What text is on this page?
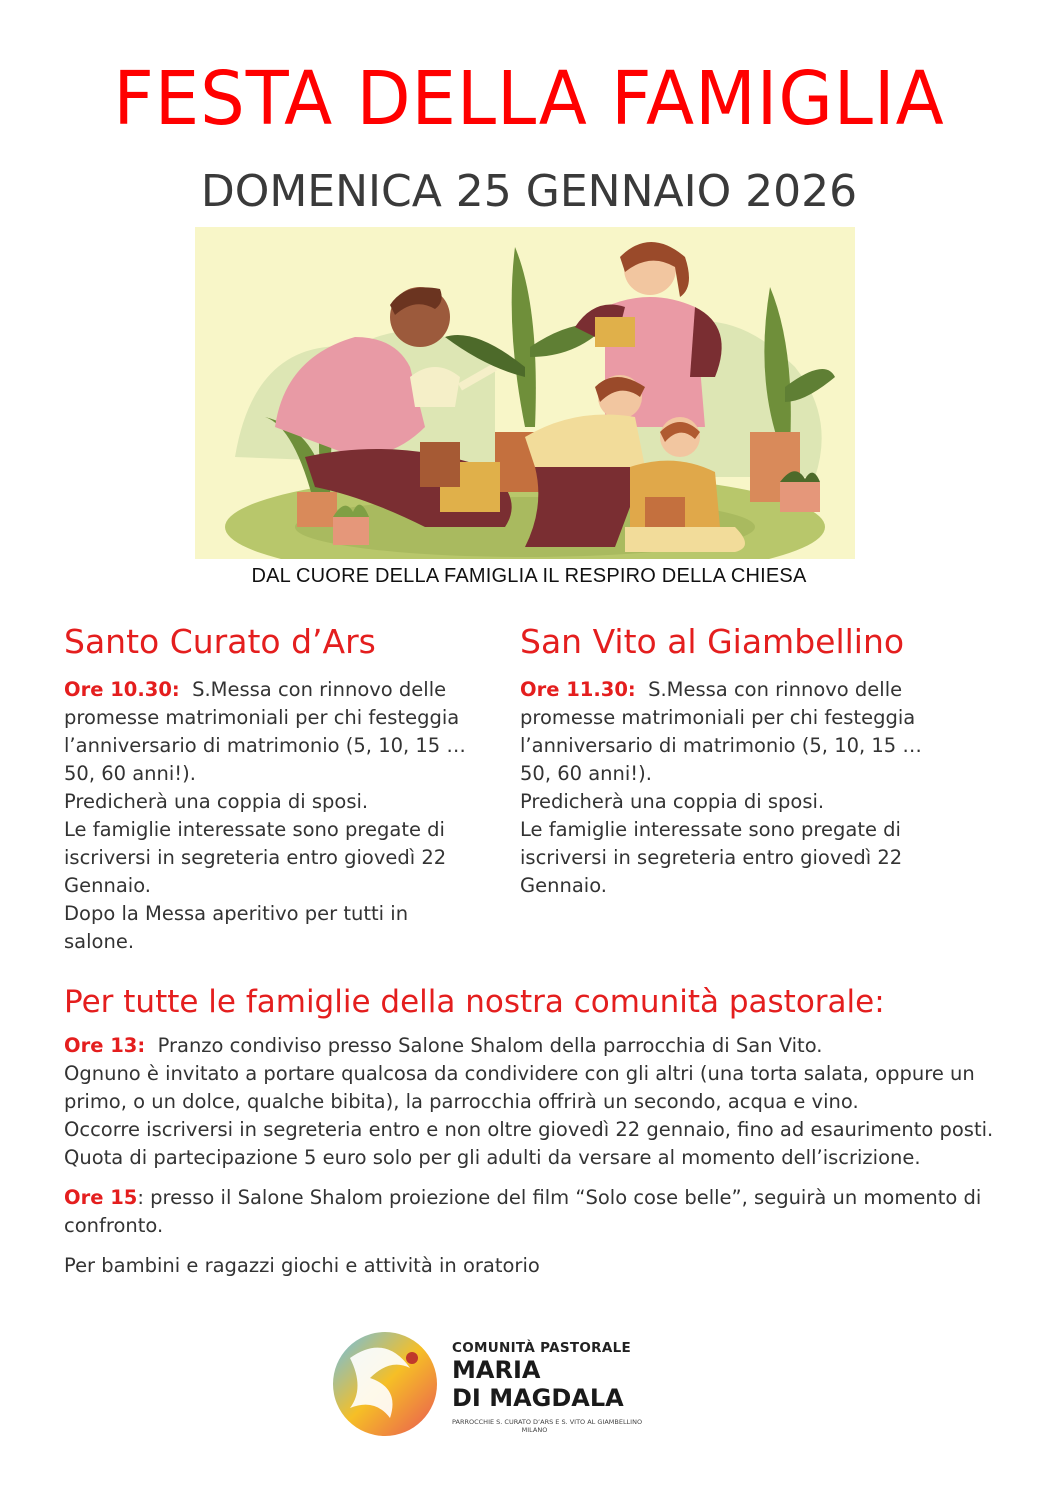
FESTA DELLA FAMIGLIA
DOMENICA 25 GENNAIO 2026
DAL CUORE DELLA FAMIGLIA IL RESPIRO DELLA CHIESA
Santo Curato d’Ars

Ore 10.30: S.Messa con rinnovo delle promesse matrimoniali per chi festeggia l’anniversario di matrimonio (5, 10, 15 …50, 60 anni!).

Predicherà una coppia di sposi.

Le famiglie interessate sono pregate di iscriversi in segreteria entro giovedì 22 Gennaio.

Dopo la Messa aperitivo per tutti in salone.

San Vito al Giambellino

Ore 11.30: S.Messa con rinnovo delle promesse matrimoniali per chi festeggia l’anniversario di matrimonio (5, 10, 15 …50, 60 anni!).

Predicherà una coppia di sposi.

Le famiglie interessate sono pregate di iscriversi in segreteria entro giovedì 22 Gennaio.

Per tutte le famiglie della nostra comunità pastorale:

Ore 13: Pranzo condiviso presso Salone Shalom della parrocchia di San Vito.

Ognuno è invitato a portare qualcosa da condividere con gli altri (una torta salata, oppure un primo, o un dolce, qualche bibita), la parrocchia offrirà un secondo, acqua e vino.

Occorre iscriversi in segreteria entro e non oltre giovedì 22 gennaio, fino ad esaurimento posti.

Quota di partecipazione 5 euro solo per gli adulti da versare al momento dell’iscrizione.

Ore 15: presso il Salone Shalom proiezione del film “Solo cose belle”, seguirà un momento di confronto.

Per bambini e ragazzi giochi e attività in oratorio

COMUNITÀ PASTORALE
MARIA
DI MAGDALA
PARROCCHIE S. CURATO D’ARS E S. VITO AL GIAMBELLINO
MILANO
